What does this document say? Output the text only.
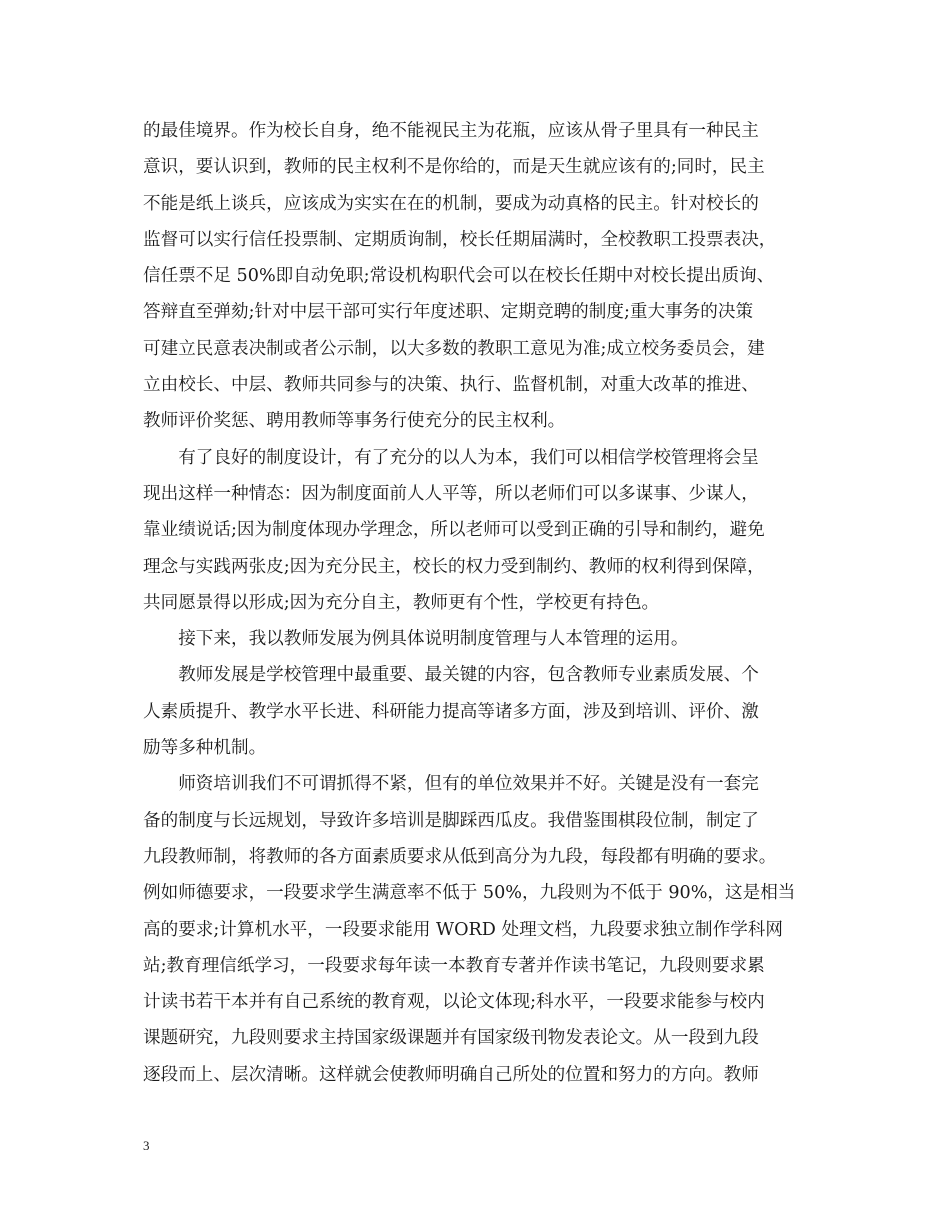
的最佳境界。作为校长自身，绝不能视民主为花瓶，应该从骨子里具有一种民主
意识，要认识到，教师的民主权利不是你给的，而是天生就应该有的;同时，民主
不能是纸上谈兵，应该成为实实在在的机制，要成为动真格的民主。针对校长的
监督可以实行信任投票制、定期质询制，校长任期届满时，全校教职工投票表决，
信任票不足 50%即自动免职;常设机构职代会可以在校长任期中对校长提出质询、
答辩直至弹劾;针对中层干部可实行年度述职、定期竞聘的制度;重大事务的决策
可建立民意表决制或者公示制，以大多数的教职工意见为准;成立校务委员会，建
立由校长、中层、教师共同参与的决策、执行、监督机制，对重大改革的推进、
教师评价奖惩、聘用教师等事务行使充分的民主权利。
　　有了良好的制度设计，有了充分的以人为本，我们可以相信学校管理将会呈
现出这样一种情态：因为制度面前人人平等，所以老师们可以多谋事、少谋人，
靠业绩说话;因为制度体现办学理念，所以老师可以受到正确的引导和制约，避免
理念与实践两张皮;因为充分民主，校长的权力受到制约、教师的权利得到保障，
共同愿景得以形成;因为充分自主，教师更有个性，学校更有持色。
　　接下来，我以教师发展为例具体说明制度管理与人本管理的运用。
　　教师发展是学校管理中最重要、最关键的内容，包含教师专业素质发展、个
人素质提升、教学水平长进、科研能力提高等诸多方面，涉及到培训、评价、激
励等多种机制。
　　师资培训我们不可谓抓得不紧，但有的单位效果并不好。关键是没有一套完
备的制度与长远规划，导致许多培训是脚踩西瓜皮。我借鉴围棋段位制，制定了
九段教师制，将教师的各方面素质要求从低到高分为九段，每段都有明确的要求。
例如师德要求，一段要求学生满意率不低于 50%，九段则为不低于 90%，这是相当
高的要求;计算机水平，一段要求能用 WORD 处理文档，九段要求独立制作学科网
站;教育理信纸学习，一段要求每年读一本教育专著并作读书笔记，九段则要求累
计读书若干本并有自己系统的教育观，以论文体现;科水平，一段要求能参与校内
课题研究，九段则要求主持国家级课题并有国家级刊物发表论文。从一段到九段
逐段而上、层次清晰。这样就会使教师明确自己所处的位置和努力的方向。教师
3
